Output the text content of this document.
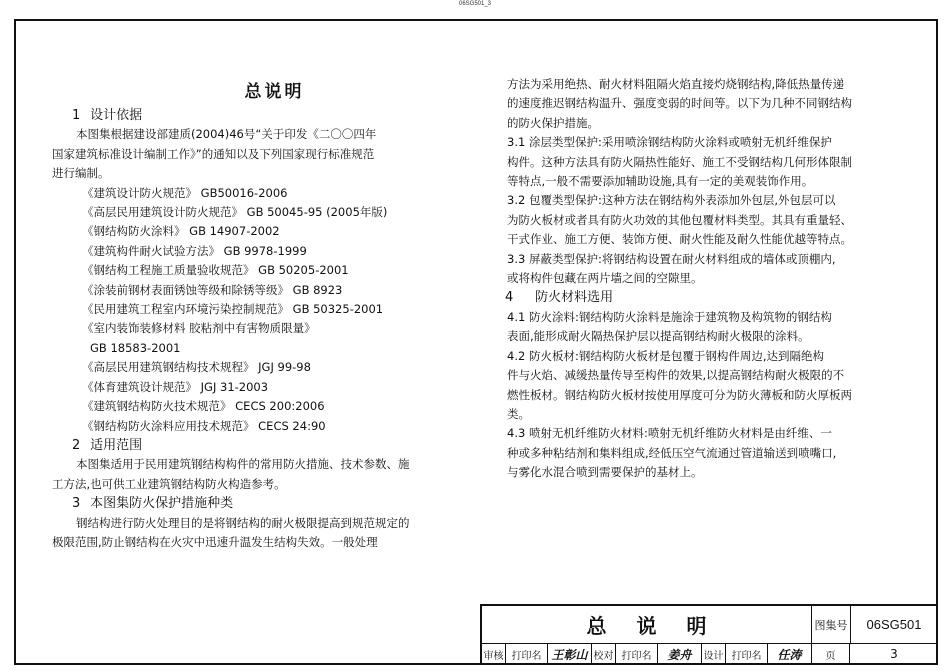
06SG501_3
总说明
1 设计依据
本图集根据建设部建质(2004)46号“关于印发《二〇〇四年
国家建筑标准设计编制工作》”的通知以及下列国家现行标准规范
进行编制。
《建筑设计防火规范》 GB50016-2006
《高层民用建筑设计防火规范》 GB 50045-95 (2005年版)
《钢结构防火涂料》 GB 14907-2002
《建筑构件耐火试验方法》 GB 9978-1999
《钢结构工程施工质量验收规范》 GB 50205-2001
《涂装前钢材表面锈蚀等级和除锈等级》 GB 8923
《民用建筑工程室内环境污染控制规范》 GB 50325-2001
《室内装饰装修材料 胶粘剂中有害物质限量》
GB 18583-2001
《高层民用建筑钢结构技术规程》 JGJ 99-98
《体育建筑设计规范》 JGJ 31-2003
《建筑钢结构防火技术规范》 CECS 200:2006
《钢结构防火涂料应用技术规范》 CECS 24:90
2 适用范围
本图集适用于民用建筑钢结构构件的常用防火措施、技术参数、施
工方法,也可供工业建筑钢结构防火构造参考。
3 本图集防火保护措施种类
钢结构进行防火处理目的是将钢结构的耐火极限提高到规范规定的
极限范围,防止钢结构在火灾中迅速升温发生结构失效。一般处理
方法为采用绝热、耐火材料阻隔火焰直接灼烧钢结构,降低热量传递
的速度推迟钢结构温升、强度变弱的时间等。以下为几种不同钢结构
的防火保护措施。
3.1 涂层类型保护:采用喷涂钢结构防火涂料或喷射无机纤维保护
构件。这种方法具有防火隔热性能好、施工不受钢结构几何形体限制
等特点,一般不需要添加辅助设施,具有一定的美观装饰作用。
3.2 包覆类型保护:这种方法在钢结构外表添加外包层,外包层可以
为防火板材或者具有防火功效的其他包覆材料类型。其具有重量轻、
干式作业、施工方便、装饰方便、耐火性能及耐久性能优越等特点。
3.3 屏蔽类型保护:将钢结构设置在耐火材料组成的墙体或顶棚内,
或将构件包藏在两片墙之间的空隙里。
4 防火材料选用
4.1 防火涂料:钢结构防火涂料是施涂于建筑物及构筑物的钢结构
表面,能形成耐火隔热保护层以提高钢结构耐火极限的涂料。
4.2 防火板材:钢结构防火板材是包覆于钢构件周边,达到隔绝构
件与火焰、减缓热量传导至构件的效果,以提高钢结构耐火极限的不
燃性板材。钢结构防火板材按使用厚度可分为防火薄板和防火厚板两
类。
4.3 喷射无机纤维防火材料:喷射无机纤维防火材料是由纤维、一
种或多种粘结剂和集料组成,经低压空气流通过管道输送到喷嘴口,
与雾化水混合喷到需要保护的基材上。
总说明	图集号	06SG501
审核 打印名 王彰山 校对 打印名	姜舟	设计 打印名	任涛	页	3
